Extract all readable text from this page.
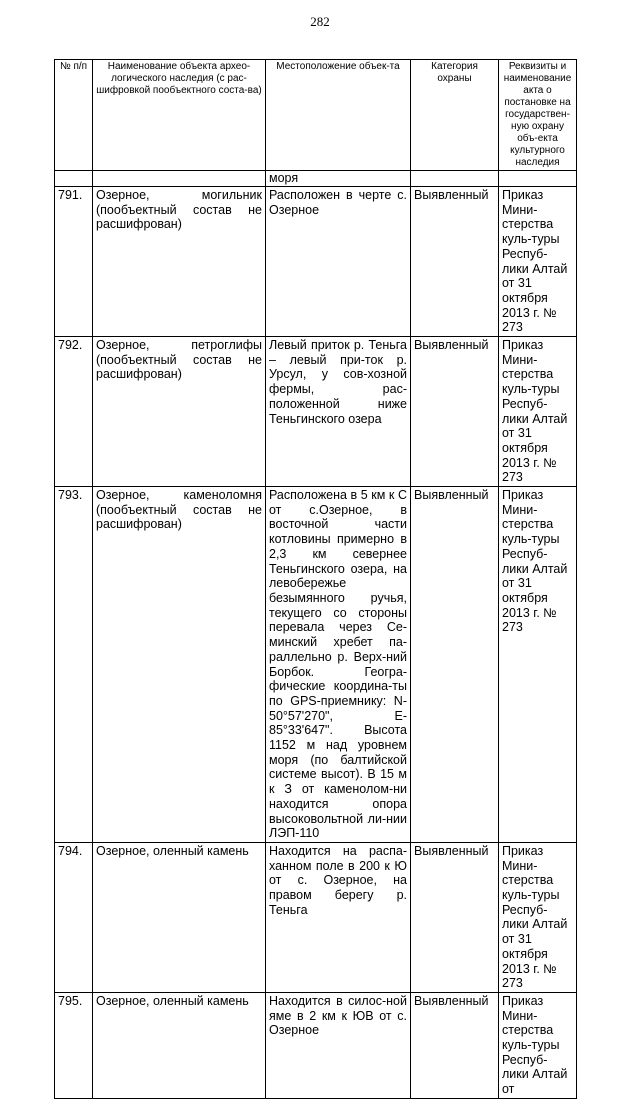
282
№ п/п	Наименование объекта архео-логического наследия (с рас-шифровкой пообъектного соста-ва)	Местоположение объек-та	Категория охраны	Реквизиты и наименование акта о постановке на государствен-ную охрану объ-екта культурного наследия
		моря		
791.	Озерное, могильник (пообъектный состав не расшифрован)	Расположен в черте с. Озерное	Выявленный	Приказ Мини-стерства куль-туры Респуб-лики Алтай от 31 октября 2013 г. № 273
792.	Озерное, петроглифы (пообъектный состав не расшифрован)	Левый приток р. Теньга – левый при-ток р. Урсул, у сов-хозной фермы, рас-положенной ниже Теньгинского озера	Выявленный	Приказ Мини-стерства куль-туры Респуб-лики Алтай от 31 октября 2013 г. № 273
793.	Озерное, каменоломня (пообъектный состав не расшифрован)	Расположена в 5 км к С от с.Озерное, в восточной части котловины примерно в 2,3 км севернее Теньгинского озера, на левобережье безымянного ручья, текущего со стороны перевала через Се-минский хребет па-раллельно р. Верх-ний Борбок. Геогра-фические координа-ты по GPS-приемнику: N-50°57'270", E-85°33'647". Высота 1152 м над уровнем моря (по балтийской системе высот). В 15 м к З от каменолом-ни находится опора высоковольтной ли-нии ЛЭП-110	Выявленный	Приказ Мини-стерства куль-туры Респуб-лики Алтай от 31 октября 2013 г. № 273
794.	Озерное, оленный камень	Находится на распа-ханном поле в 200 к Ю от с. Озерное, на правом берегу р. Теньга	Выявленный	Приказ Мини-стерства куль-туры Респуб-лики Алтай от 31 октября 2013 г. № 273
795.	Озерное, оленный камень	Находится в силос-ной яме в 2 км к ЮВ от с. Озерное	Выявленный	Приказ Мини-стерства куль-туры Респуб-лики Алтай от
